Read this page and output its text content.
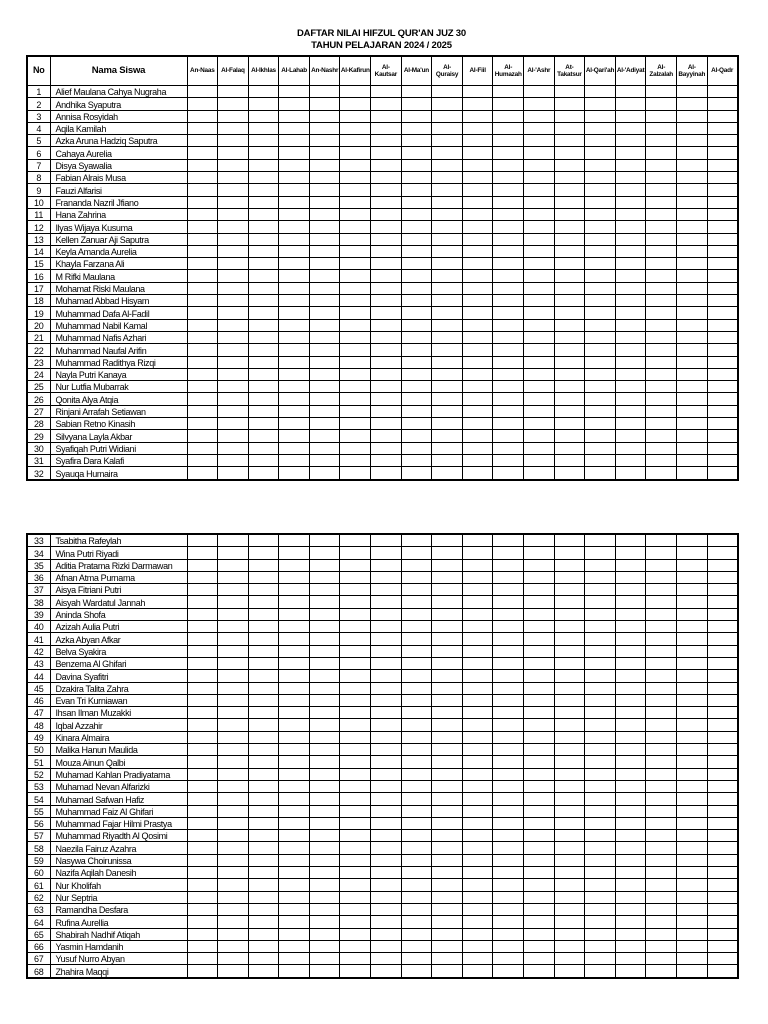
DAFTAR NILAI HIFZUL QUR'AN JUZ 30
TAHUN PELAJARAN 2024 / 2025
No	Nama Siswa	An-Naas	Al-Falaq	Al-Ikhlas	Al-Lahab	An-Nashr	Al-Kafirun	Al-Kautsar	Al-Ma'un	Al-Quraisy	Al-Fiil	Al-Humazah	Al-'Ashr	At-Takatsur	Al-Qari'ah	Al-'Adiyat	Al-Zalzalah	Al-Bayyinah	Al-Qadr
1	Alief Maulana Cahya Nugraha																		
2	Andhika Syaputra																		
3	Annisa Rosyidah																		
4	Aqila Kamilah																		
5	Azka Aruna Hadziq Saputra																		
6	Cahaya Aurelia																		
7	Disya Syawalia																		
8	Fabian Alrais Musa																		
9	Fauzi Alfarisi																		
10	Frananda Nazril Jfiano																		
11	Hana Zahrina																		
12	Ilyas Wijaya Kusuma																		
13	Kellen Zanuar Aji Saputra																		
14	Keyla Amanda Aurelia																		
15	Khayla Farzana Ali																		
16	M Rifki Maulana																		
17	Mohamat Riski Maulana																		
18	Muhamad Abbad Hisyam																		
19	Muhammad Dafa Al-Fadil																		
20	Muhammad Nabil Kamal																		
21	Muhammad Nafis Azhari																		
22	Muhammad Naufal Arifin																		
23	Muhammad Radithya Rizqi																		
24	Nayla Putri Kanaya																		
25	Nur Lutfia Mubarrak																		
26	Qonita Alya Atqia																		
27	Rinjani Arrafah Setiawan																		
28	Sabian Retno Kinasih																		
29	Silvyana Layla Akbar																		
30	Syafiqah Putri Widiani																		
31	Syafira Dara Kalafi																		
32	Syauqa Humaira																		
33	Tsabitha Rafeylah																		
34	Wina Putri Riyadi																		
35	Aditia Pratama Rizki Darmawan																		
36	Afnan Atma Purnama																		
37	Aisya Fitriani Putri																		
38	Aisyah Wardatul Jannah																		
39	Aninda Shofa																		
40	Azizah Aulia Putri																		
41	Azka Abyan Afkar																		
42	Belva Syakira																		
43	Benzema Al Ghifari																		
44	Davina Syafitri																		
45	Dzakira Talita Zahra																		
46	Evan Tri Kurniawan																		
47	Ihsan Ilman Muzakki																		
48	Iqbal Azzahir																		
49	Kinara Almaira																		
50	Malika Hanun Maulida																		
51	Mouza Ainun Qalbi																		
52	Muhamad Kahlan Pradiyatama																		
53	Muhamad Nevan Alfarizki																		
54	Muhamad Safwan Hafiz																		
55	Muhammad Faiz Al Ghifari																		
56	Muhammad Fajar Hilmi Prastya																		
57	Muhammad Riyadth Al Qosimi																		
58	Naezila Fairuz Azahra																		
59	Nasywa Choirunissa																		
60	Nazifa Aqilah Danesih																		
61	Nur Kholifah																		
62	Nur Septria																		
63	Ramandha Desfara																		
64	Rufina Aurellia																		
65	Shabirah Nadhif Atiqah																		
66	Yasmin Hamdanih																		
67	Yusuf Nurro Abyan																		
68	Zhahira Maqqi																		
